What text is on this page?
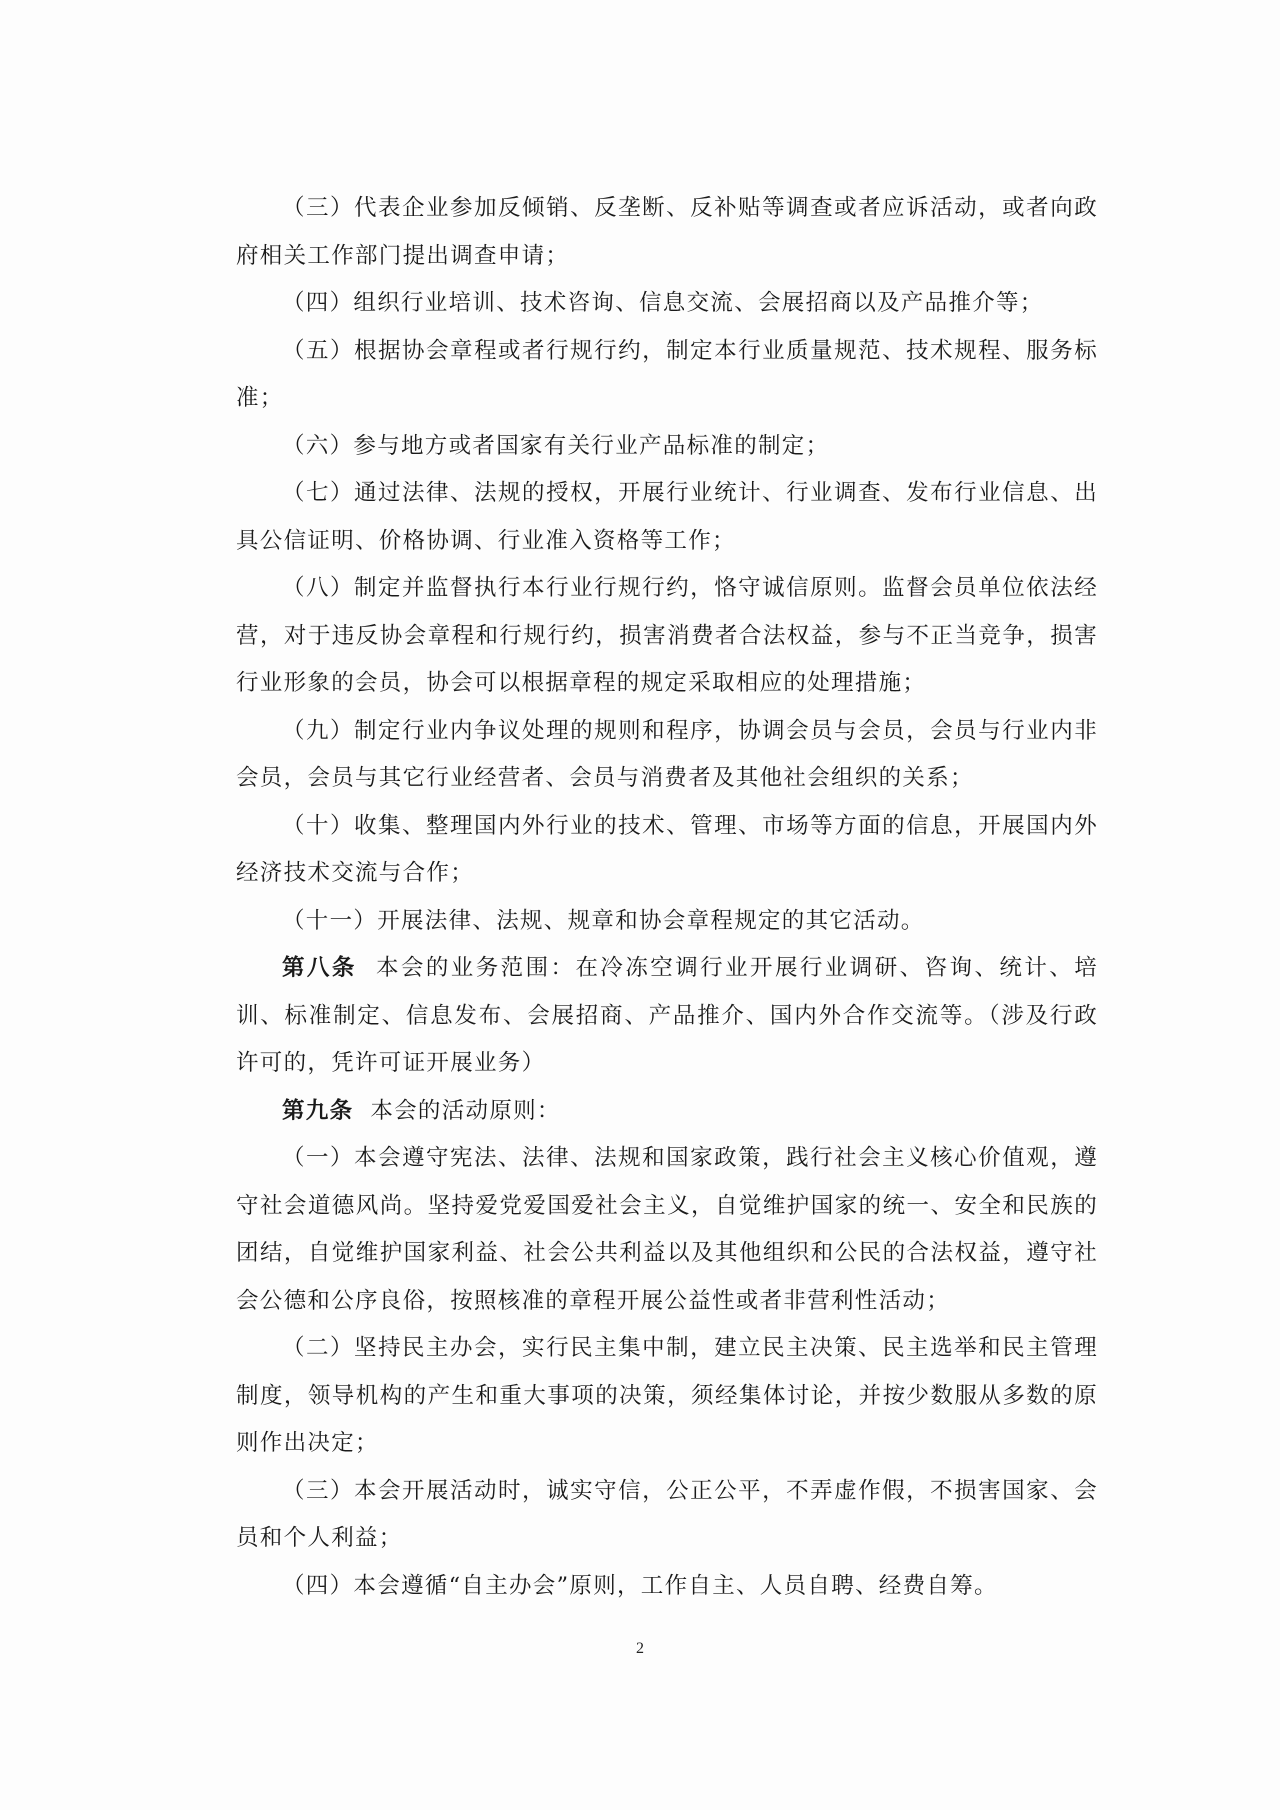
（三）代表企业参加反倾销、反垄断、反补贴等调查或者应诉活动，或者向政府相关工作部门提出调查申请；

（四）组织行业培训、技术咨询、信息交流、会展招商以及产品推介等；

（五）根据协会章程或者行规行约，制定本行业质量规范、技术规程、服务标准；

（六）参与地方或者国家有关行业产品标准的制定；

（七）通过法律、法规的授权，开展行业统计、行业调查、发布行业信息、出具公信证明、价格协调、行业准入资格等工作；

（八）制定并监督执行本行业行规行约，恪守诚信原则。监督会员单位依法经营，对于违反协会章程和行规行约，损害消费者合法权益，参与不正当竞争，损害行业形象的会员，协会可以根据章程的规定采取相应的处理措施；

（九）制定行业内争议处理的规则和程序，协调会员与会员，会员与行业内非会员，会员与其它行业经营者、会员与消费者及其他社会组织的关系；

（十）收集、整理国内外行业的技术、管理、市场等方面的信息，开展国内外经济技术交流与合作；

（十一）开展法律、法规、规章和协会章程规定的其它活动。

第八条 本会的业务范围：在冷冻空调行业开展行业调研、咨询、统计、培训、标准制定、信息发布、会展招商、产品推介、国内外合作交流等。（涉及行政许可的，凭许可证开展业务）

第九条 本会的活动原则：

（一）本会遵守宪法、法律、法规和国家政策，践行社会主义核心价值观，遵守社会道德风尚。坚持爱党爱国爱社会主义，自觉维护国家的统一、安全和民族的团结，自觉维护国家利益、社会公共利益以及其他组织和公民的合法权益，遵守社会公德和公序良俗，按照核准的章程开展公益性或者非营利性活动；

（二）坚持民主办会，实行民主集中制，建立民主决策、民主选举和民主管理制度，领导机构的产生和重大事项的决策，须经集体讨论，并按少数服从多数的原则作出决定；

（三）本会开展活动时，诚实守信，公正公平，不弄虚作假，不损害国家、会员和个人利益；

（四）本会遵循“自主办会”原则，工作自主、人员自聘、经费自筹。

2
